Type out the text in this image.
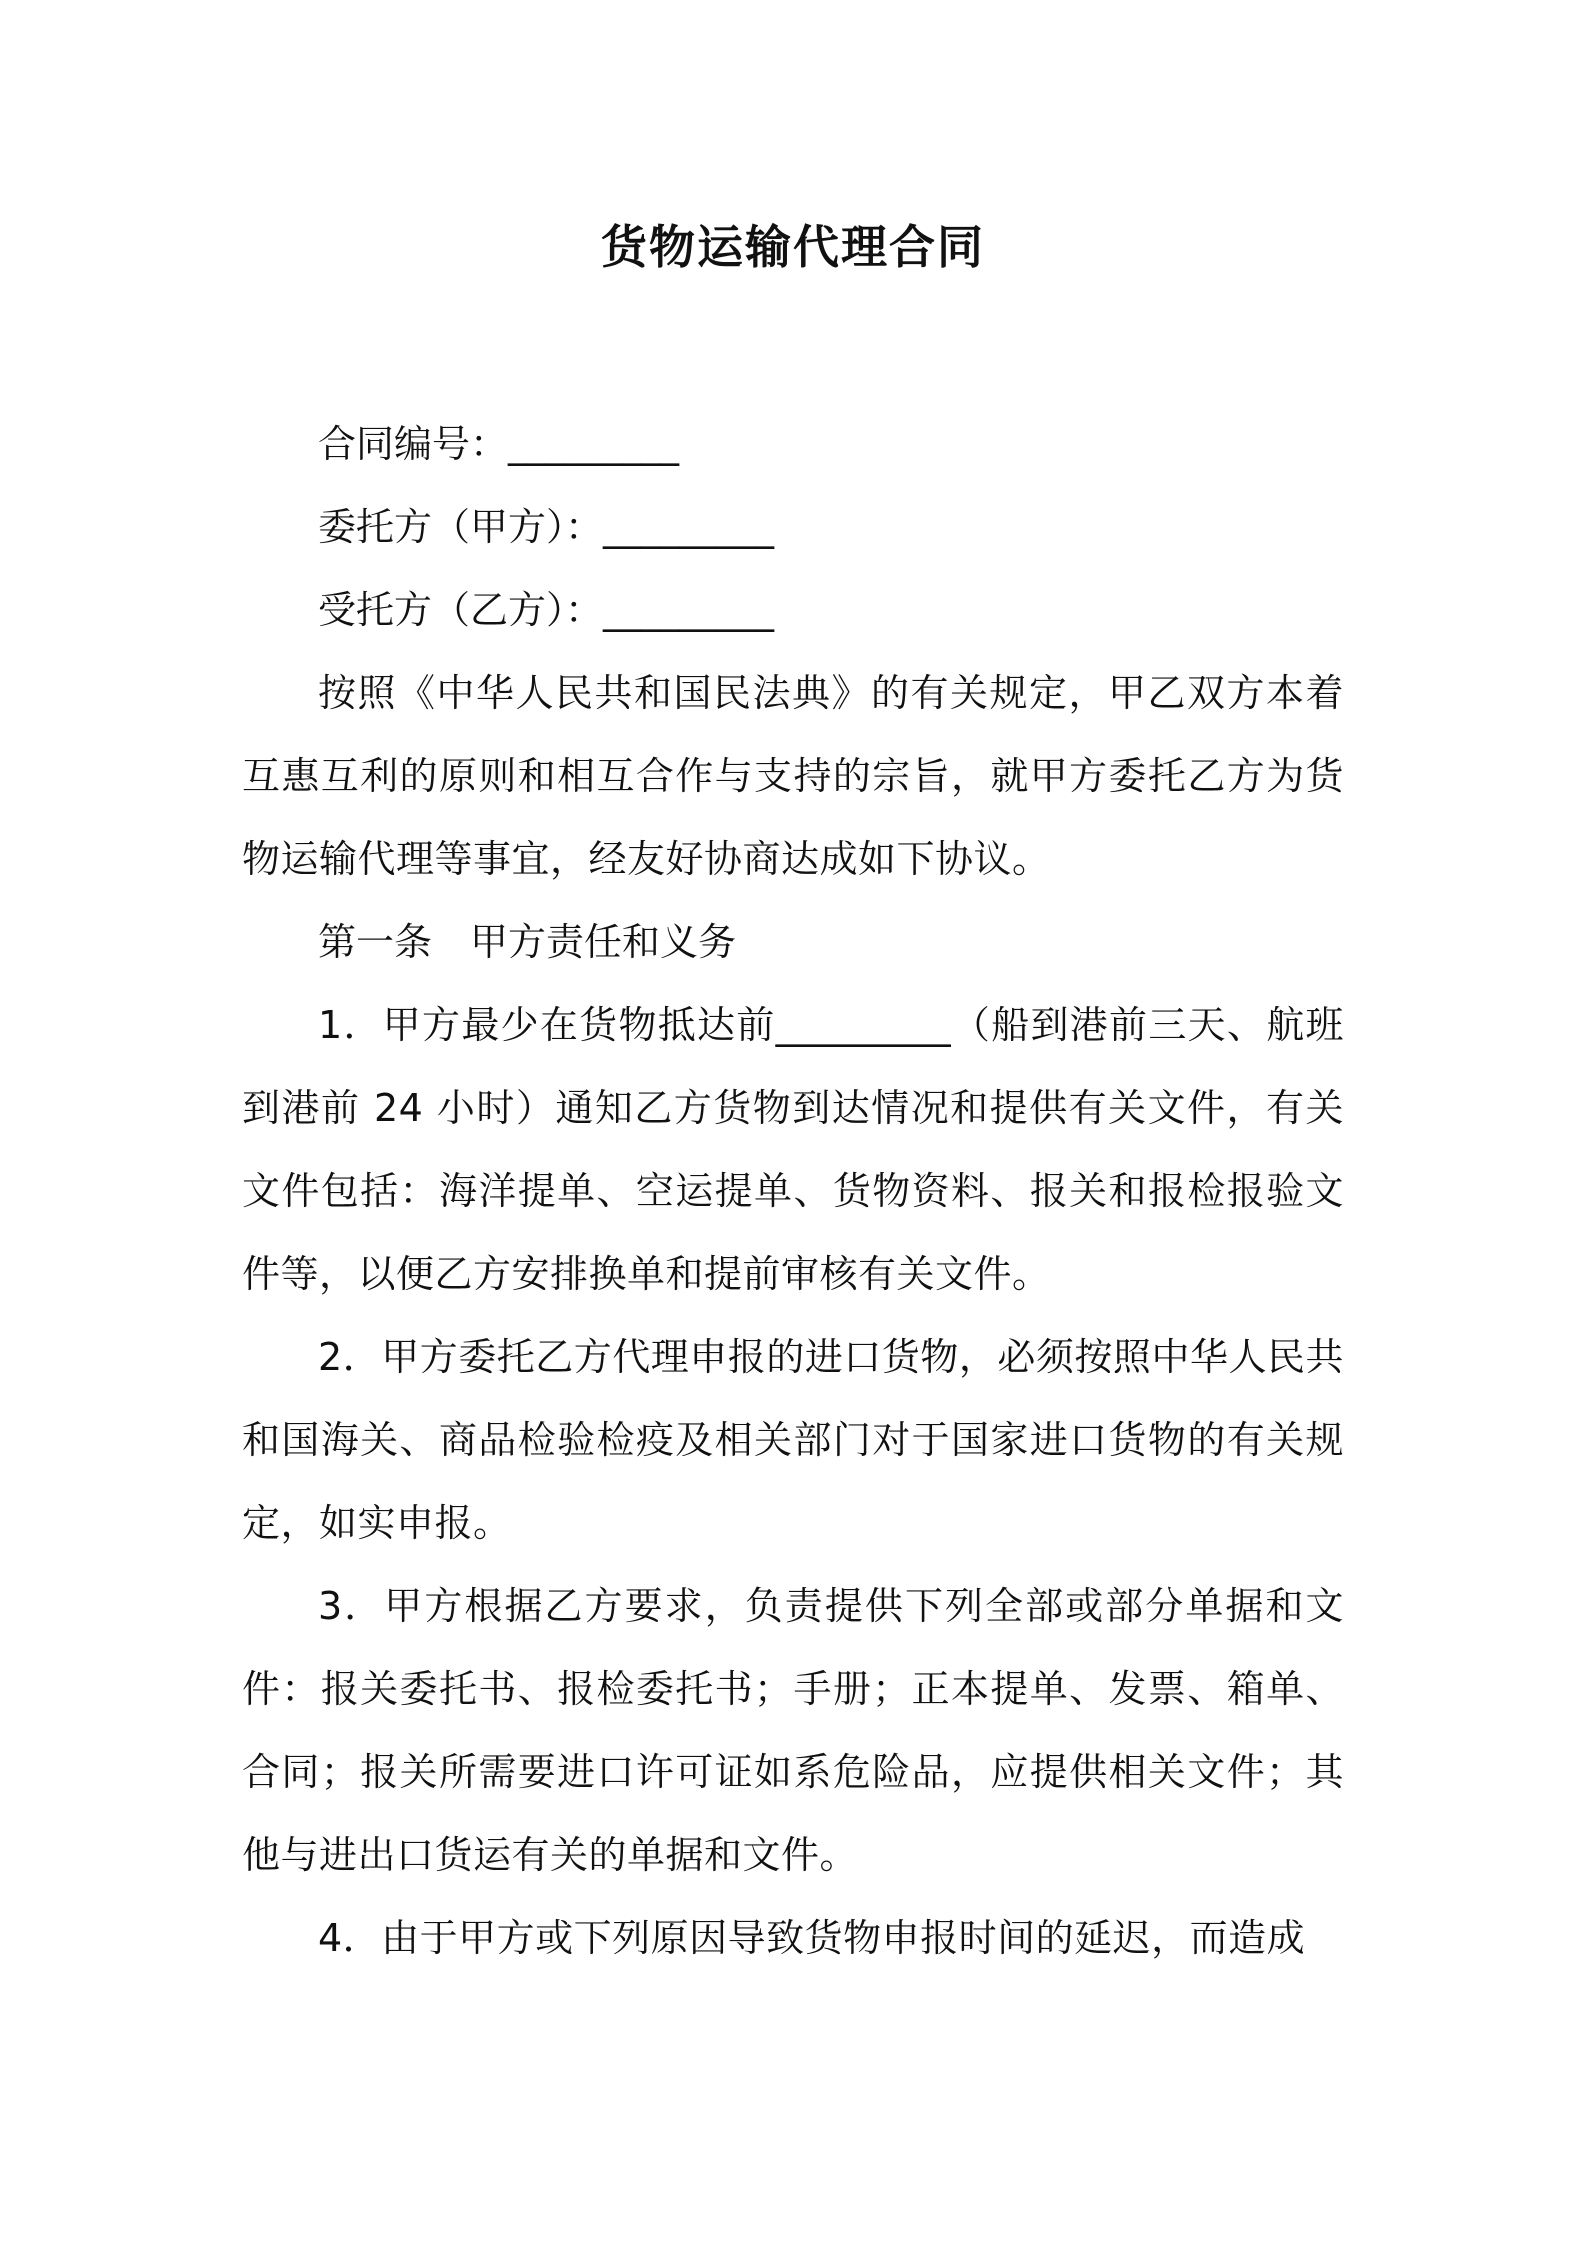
货物运输代理合同

合同编号：_________

委托方（甲方）：_________

受托方（乙方）：_________

按照《中华人民共和国民法典》的有关规定，甲乙双方本着互惠互利的原则和相互合作与支持的宗旨，就甲方委托乙方为货物运输代理等事宜，经友好协商达成如下协议。

第一条　甲方责任和义务

1．甲方最少在货物抵达前_________（船到港前三天、航班到港前 24 小时）通知乙方货物到达情况和提供有关文件，有关文件包括：海洋提单、空运提单、货物资料、报关和报检报验文件等，以便乙方安排换单和提前审核有关文件。

2．甲方委托乙方代理申报的进口货物，必须按照中华人民共和国海关、商品检验检疫及相关部门对于国家进口货物的有关规定，如实申报。

3．甲方根据乙方要求，负责提供下列全部或部分单据和文件：报关委托书、报检委托书；手册；正本提单、发票、箱单、合同；报关所需要进口许可证如系危险品，应提供相关文件；其他与进出口货运有关的单据和文件。

4．由于甲方或下列原因导致货物申报时间的延迟，而造成
